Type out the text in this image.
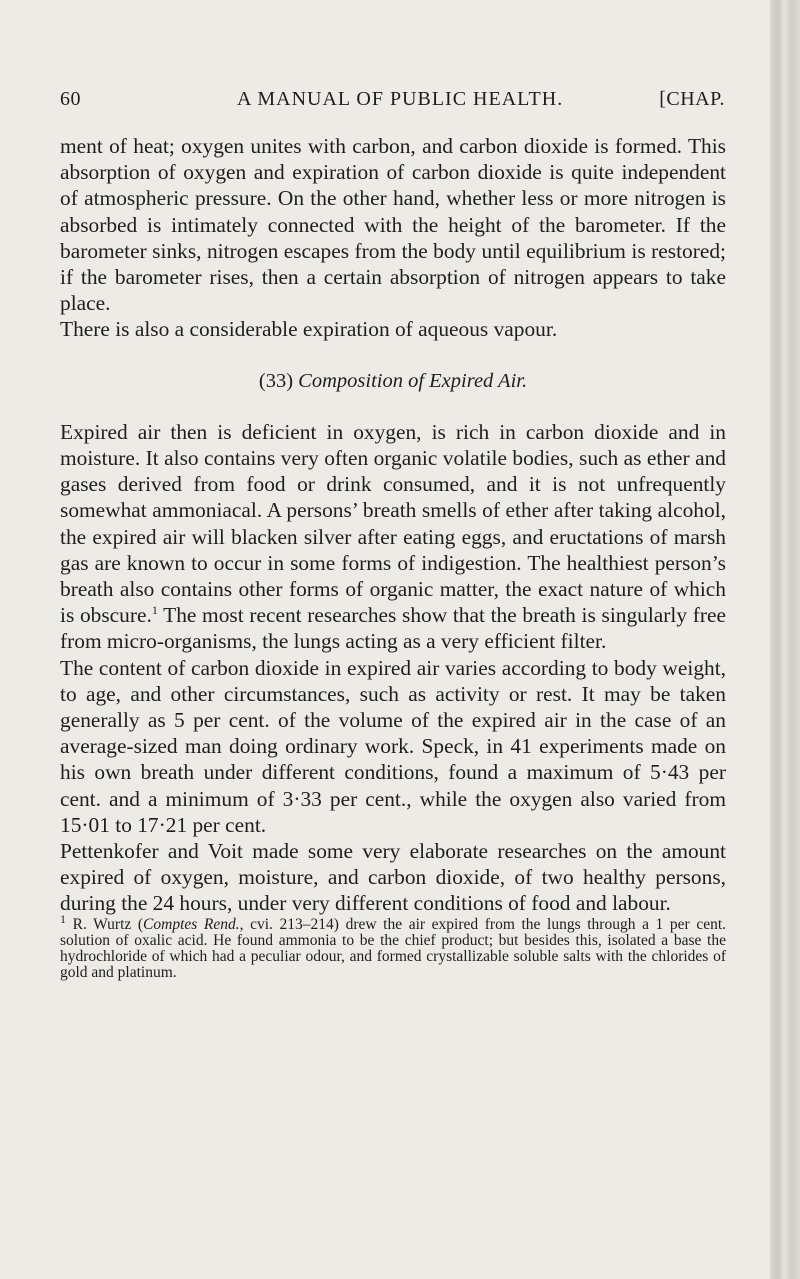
60	A MANUAL OF PUBLIC HEALTH.	[CHAP.

ment of heat; oxygen unites with carbon, and carbon dioxide is formed. This absorption of oxygen and expiration of carbon dioxide is quite independent of atmospheric pressure. On the other hand, whether less or more nitrogen is absorbed is intimately connected with the height of the barometer. If the barometer sinks, nitrogen escapes from the body until equilibrium is restored; if the barometer rises, then a certain absorption of nitrogen appears to take place.

There is also a considerable expiration of aqueous vapour.

(33) Composition of Expired Air.

Expired air then is deficient in oxygen, is rich in carbon dioxide and in moisture. It also contains very often organic volatile bodies, such as ether and gases derived from food or drink consumed, and it is not unfrequently somewhat ammoniacal. A persons’ breath smells of ether after taking alcohol, the expired air will blacken silver after eating eggs, and eructations of marsh gas are known to occur in some forms of indigestion. The healthiest person’s breath also contains other forms of organic matter, the exact nature of which is obscure.$^1$ The most recent researches show that the breath is singularly free from micro-organisms, the lungs acting as a very efficient filter.

The content of carbon dioxide in expired air varies according to body weight, to age, and other circumstances, such as activity or rest. It may be taken generally as 5 per cent. of the volume of the expired air in the case of an average-sized man doing ordinary work. Speck, in 41 experiments made on his own breath under different conditions, found a maximum of 5·43 per cent. and a minimum of 3·33 per cent., while the oxygen also varied from 15·01 to 17·21 per cent.

Pettenkofer and Voit made some very elaborate researches on the amount expired of oxygen, moisture, and carbon dioxide, of two healthy persons, during the 24 hours, under very different conditions of food and labour.

$^1$ R. Wurtz (Comptes Rend., cvi. 213–214) drew the air expired from the lungs through a 1 per cent. solution of oxalic acid. He found ammonia to be the chief product; but besides this, isolated a base the hydrochloride of which had a peculiar odour, and formed crystallizable soluble salts with the chlorides of gold and platinum.
